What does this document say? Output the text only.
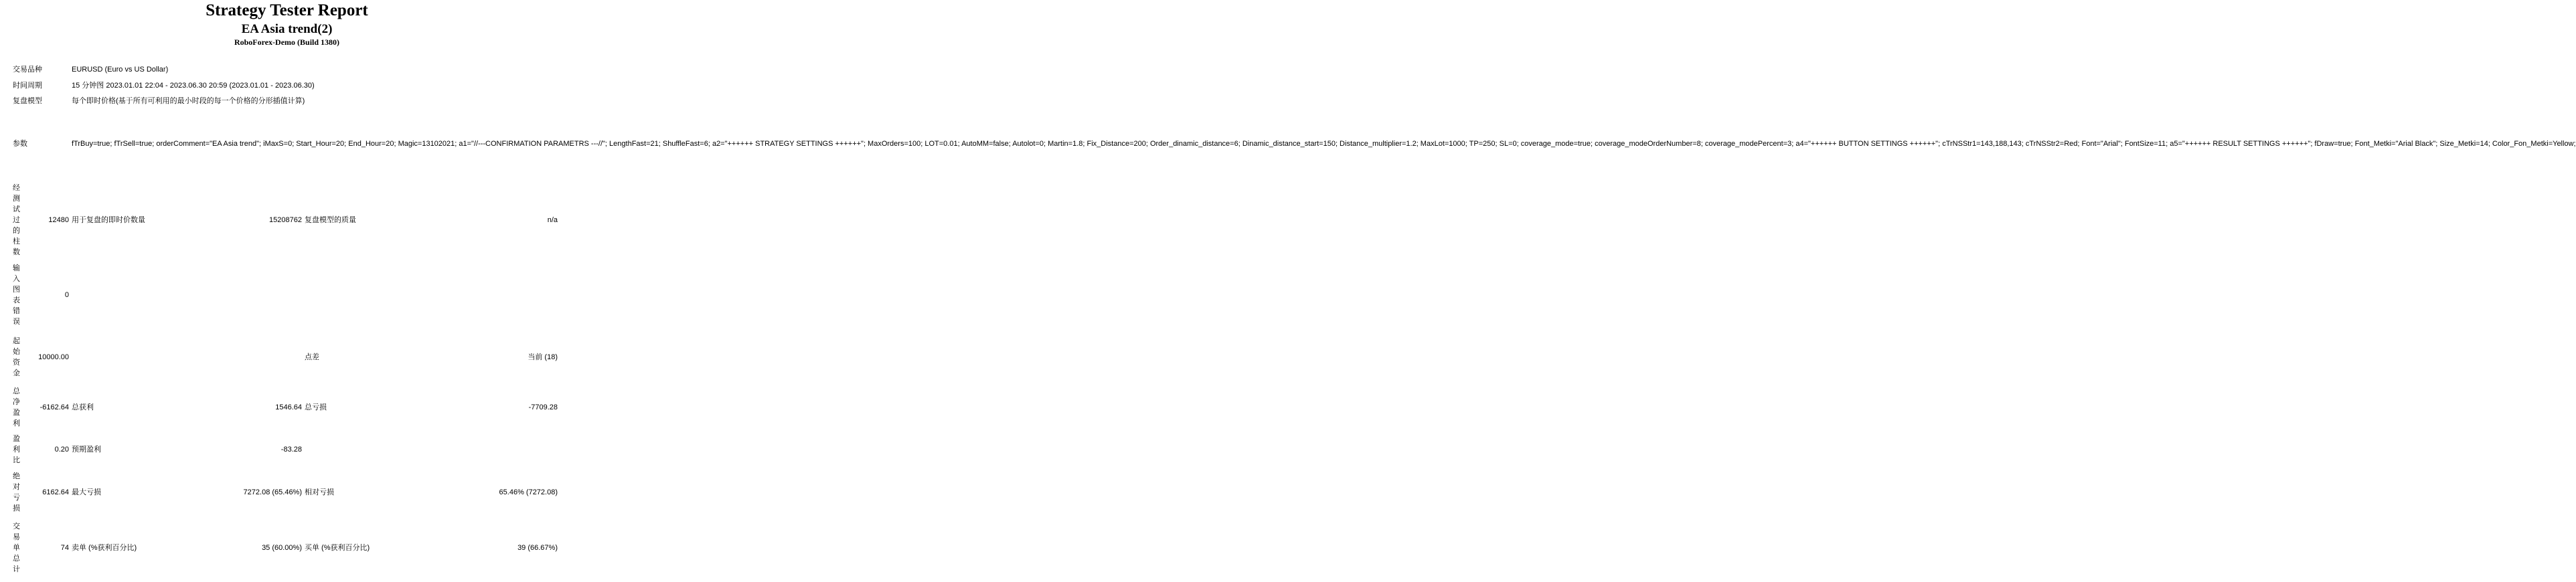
Strategy Tester Report
EA Asia trend(2)
RoboForex-Demo (Build 1380)
交易品种		EURUSD (Euro vs US Dollar)			
时间周期		15 分钟图 2023.01.01 22:04 - 2023.06.30 20:59 (2023.01.01 - 2023.06.30)			
复盘模型		每个即时价格(基于所有可利用的最小时段的每一个价格的分形插值计算)			
参数		fTrBuy=true; fTrSell=true; orderComment="EA Asia trend"; iMaxS=0; Start_Hour=20; End_Hour=20; Magic=13102021; a1="//---CONFIRMATION PARAMETRS ---//"; LengthFast=21; ShuffleFast=6; a2="++++++ STRATEGY SETTINGS ++++++"; MaxOrders=100; LOT=0.01; AutoMM=false; Autolot=0; Martin=1.8; Fix_Distance=200; Order_dinamic_distance=6; Dinamic_distance_start=150; Distance_multiplier=1.2; MaxLot=1000; TP=250; SL=0; coverage_mode=true; coverage_modeOrderNumber=8; coverage_modePercent=3; a4="++++++ BUTTON SETTINGS ++++++"; cTrNSStr1=143,188,143; cTrNSStr2=Red; Font="Arial"; FontSize=11; a5="++++++ RESULT SETTINGS ++++++"; fDraw=true; Font_Metki="Arial Black"; Size_Metki=14; Color_Fon_Metki=Yellow;			

经测试过的柱数	12480	用于复盘的即时价数量	15208762	复盘模型的质量	n/a

输入图表错误	0				

起始资金	10000.00			点差	当前 (18)

总净盈利	-6162.64	总获利	1546.64	总亏损	-7709.28

盈利比	0.20	预期盈利	-83.28		

绝对亏损	6162.64	最大亏损	7272.08 (65.46%)	相对亏损	65.46% (7272.08)

交易单总计	74	卖单 (%获利百分比)	35 (60.00%)	买单 (%获利百分比)	39 (66.67%)
